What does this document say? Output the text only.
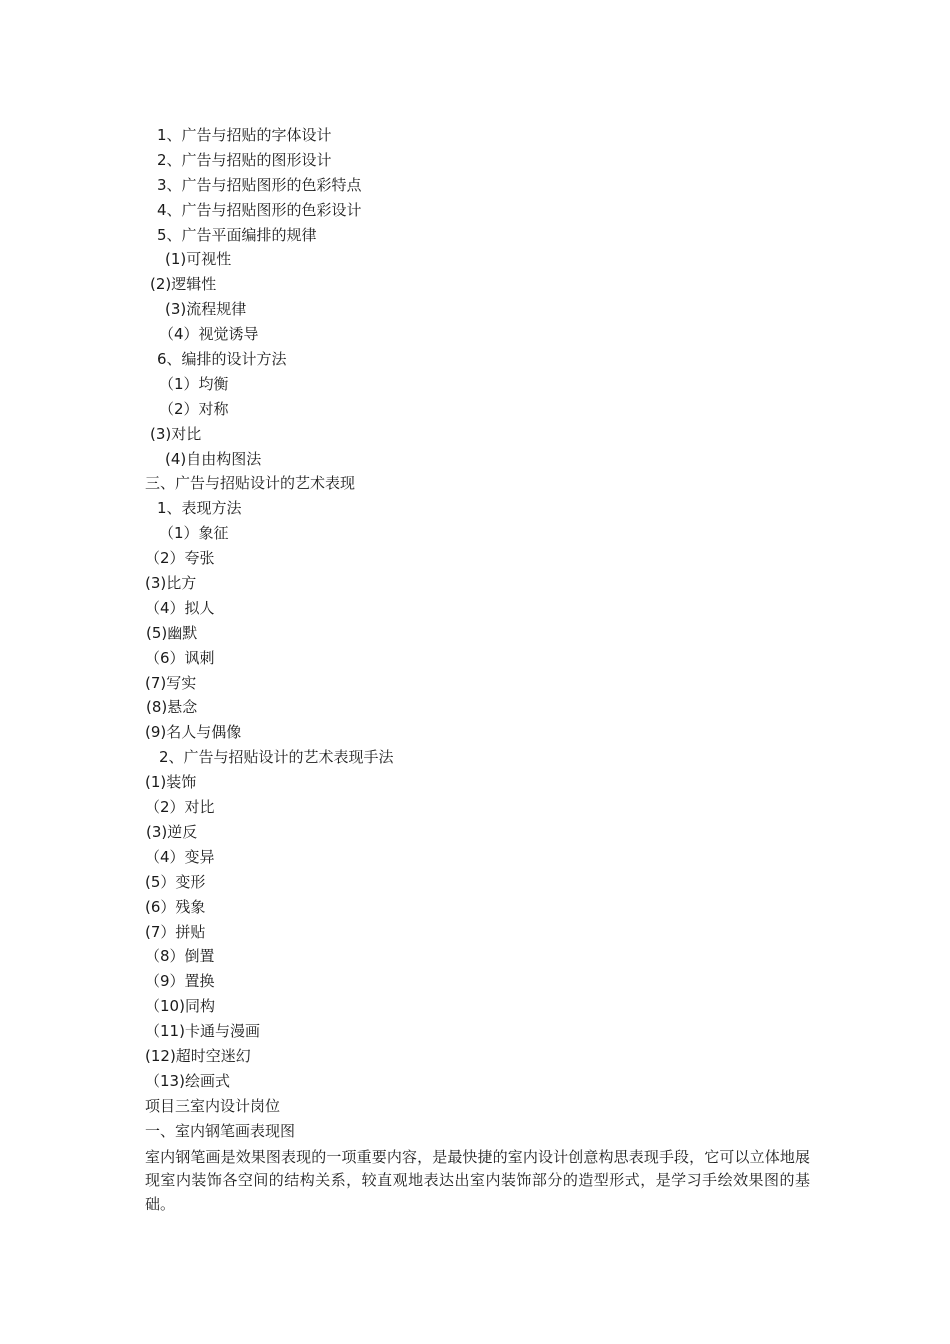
1、广告与招贴的字体设计
2、广告与招贴的图形设计
3、广告与招贴图形的色彩特点
4、广告与招贴图形的色彩设计
5、广告平面编排的规律
(1)可视性
(2)逻辑性
(3)流程规律
（4）视觉诱导
6、编排的设计方法
（1）均衡
（2）对称
(3)对比
(4)自由构图法
三、广告与招贴设计的艺术表现
1、表现方法
（1）象征
（2）夸张
(3)比方
（4）拟人
(5)幽默
（6）讽刺
(7)写实
(8)悬念
(9)名人与偶像
2、广告与招贴设计的艺术表现手法
(1)装饰
（2）对比
(3)逆反
（4）变异
(5）变形
(6）残象
(7）拼贴
（8）倒置
（9）置换
（10)同构
（11)卡通与漫画
(12)超时空迷幻
（13)绘画式
项目三室内设计岗位
一、室内钢笔画表现图
室内钢笔画是效果图表现的一项重要内容，是最快捷的室内设计创意构思表现手段，它可以立体地展现室内装饰各空间的结构关系，较直观地表达出室内装饰部分的造型形式，是学习手绘效果图的基础。
